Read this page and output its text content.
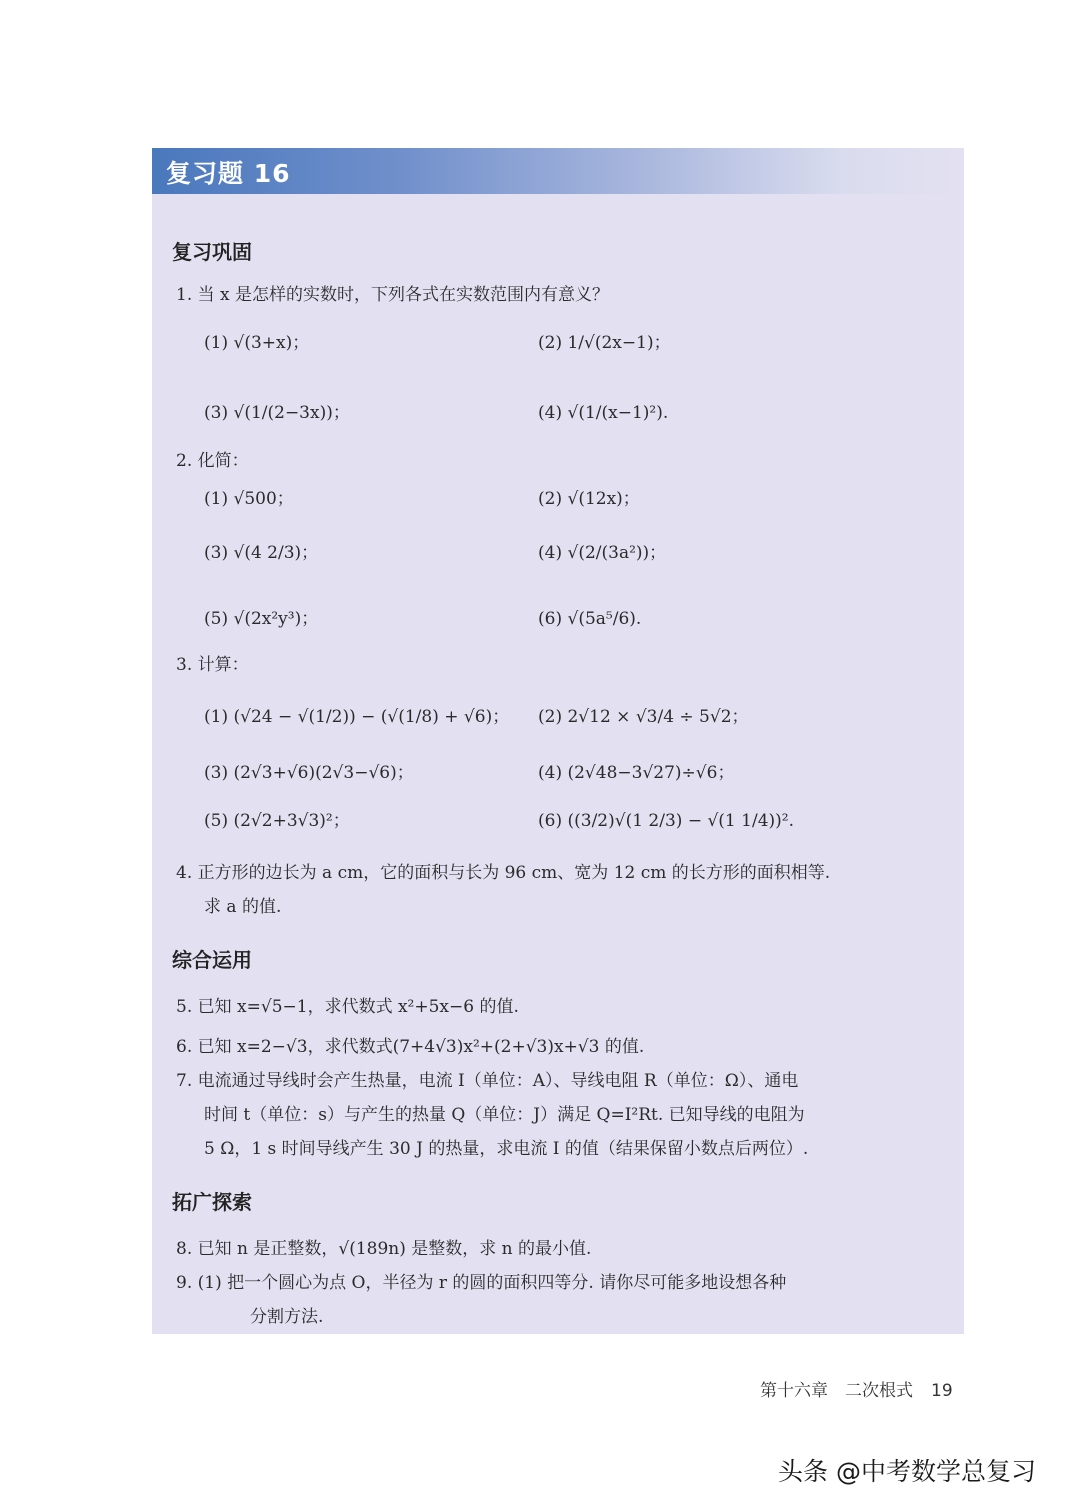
复习题 16
复习巩固
1. 当 x 是怎样的实数时，下列各式在实数范围内有意义？
(1) √(3+x)；	(2) 1/√(2x−1)；
(3) √(1/(2−3x))；	(4) √(1/(x−1)²).
2. 化简：
(1) √500；	(2) √(12x)；
(3) √(4 2/3)；	(4) √(2/(3a²))；
(5) √(2x²y³)；	(6) √(5a⁵/6).
3. 计算：
(1) (√24 − √(1/2)) − (√(1/8) + √6)； (2) 2√12 × √3/4 ÷ 5√2；
(3) (2√3+√6)(2√3−√6)；	(4) (2√48−3√27)÷√6；
(5) (2√2+3√3)²；	(6) ((3/2)√(1 2/3) − √(1 1/4))².
4. 正方形的边长为 a cm，它的面积与长为 96 cm、宽为 12 cm 的长方形的面积相等.
求 a 的值.
综合运用
5. 已知 x=√5−1，求代数式 x²+5x−6 的值.
6. 已知 x=2−√3，求代数式(7+4√3)x²+(2+√3)x+√3 的值.
7. 电流通过导线时会产生热量，电流 I（单位：A）、导线电阻 R（单位：Ω）、通电
时间 t（单位：s）与产生的热量 Q（单位：J）满足 Q=I²Rt. 已知导线的电阻为
5 Ω，1 s 时间导线产生 30 J 的热量，求电流 I 的值（结果保留小数点后两位）.
拓广探索
8. 已知 n 是正整数，√(189n) 是整数，求 n 的最小值.
9. (1) 把一个圆心为点 O，半径为 r 的圆的面积四等分. 请你尽可能多地设想各种
分割方法.
第十六章　二次根式 19
头条 @中考数学总复习
